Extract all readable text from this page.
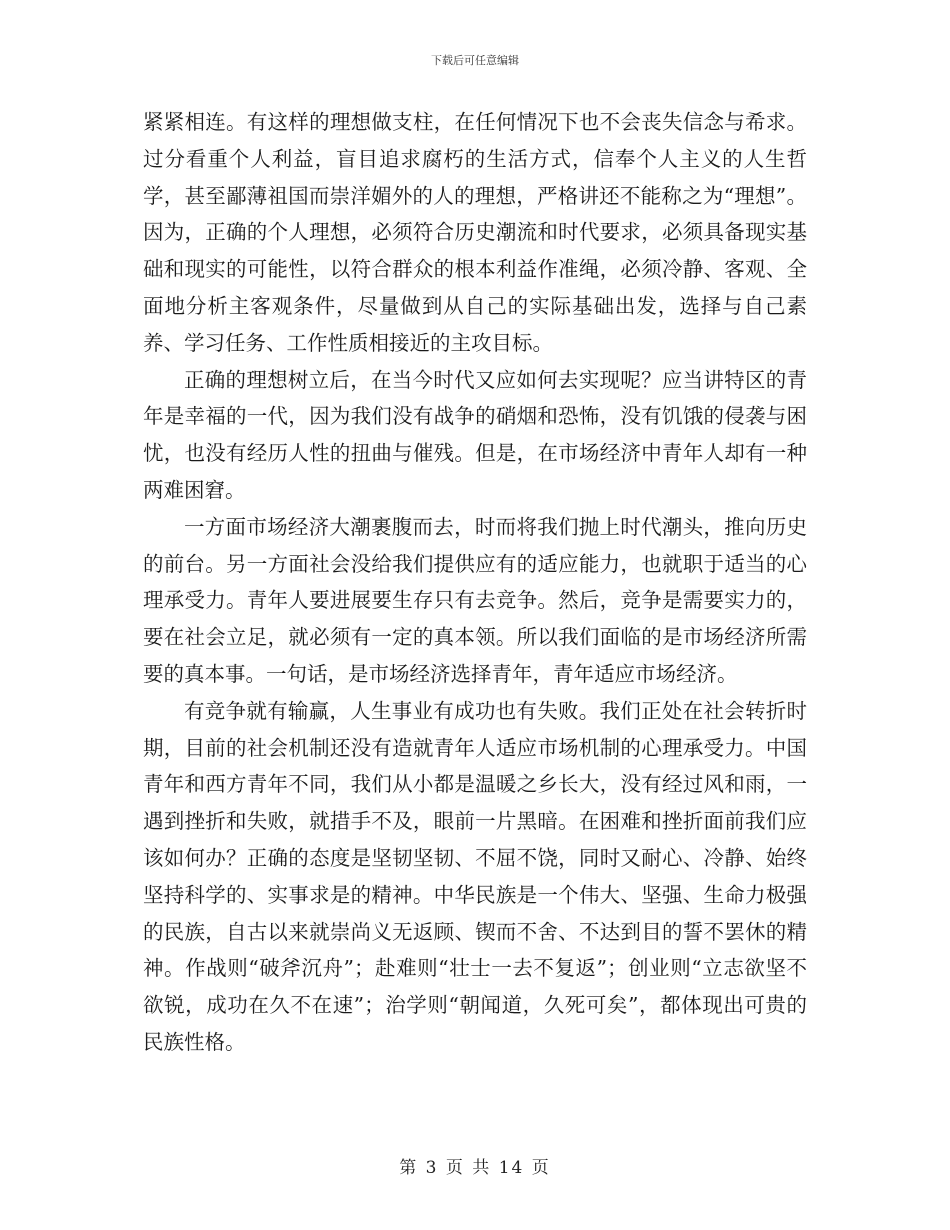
下载后可任意编辑

紧紧相连。有这样的理想做支柱，在任何情况下也不会丧失信念与希求。过分看重个人利益，盲目追求腐朽的生活方式，信奉个人主义的人生哲学，甚至鄙薄祖国而崇洋媚外的人的理想，严格讲还不能称之为“理想”。因为，正确的个人理想，必须符合历史潮流和时代要求，必须具备现实基础和现实的可能性，以符合群众的根本利益作准绳，必须冷静、客观、全面地分析主客观条件，尽量做到从自己的实际基础出发，选择与自己素养、学习任务、工作性质相接近的主攻目标。

正确的理想树立后，在当今时代又应如何去实现呢？应当讲特区的青年是幸福的一代，因为我们没有战争的硝烟和恐怖，没有饥饿的侵袭与困忧，也没有经历人性的扭曲与催残。但是，在市场经济中青年人却有一种两难困窘。

一方面市场经济大潮裹腹而去，时而将我们抛上时代潮头，推向历史的前台。另一方面社会没给我们提供应有的适应能力，也就职于适当的心理承受力。青年人要进展要生存只有去竞争。然后，竞争是需要实力的，要在社会立足，就必须有一定的真本领。所以我们面临的是市场经济所需要的真本事。一句话，是市场经济选择青年，青年适应市场经济。

有竞争就有输赢，人生事业有成功也有失败。我们正处在社会转折时期，目前的社会机制还没有造就青年人适应市场机制的心理承受力。中国青年和西方青年不同，我们从小都是温暖之乡长大，没有经过风和雨，一遇到挫折和失败，就措手不及，眼前一片黑暗。在困难和挫折面前我们应该如何办？正确的态度是坚韧坚韧、不屈不饶，同时又耐心、冷静、始终坚持科学的、实事求是的精神。中华民族是一个伟大、坚强、生命力极强的民族，自古以来就崇尚义无返顾、锲而不舍、不达到目的誓不罢休的精神。作战则“破斧沉舟”；赴难则“壮士一去不复返”；创业则“立志欲坚不欲锐，成功在久不在速”；治学则“朝闻道，久死可矣”，都体现出可贵的民族性格。

第 3 页 共 14 页
